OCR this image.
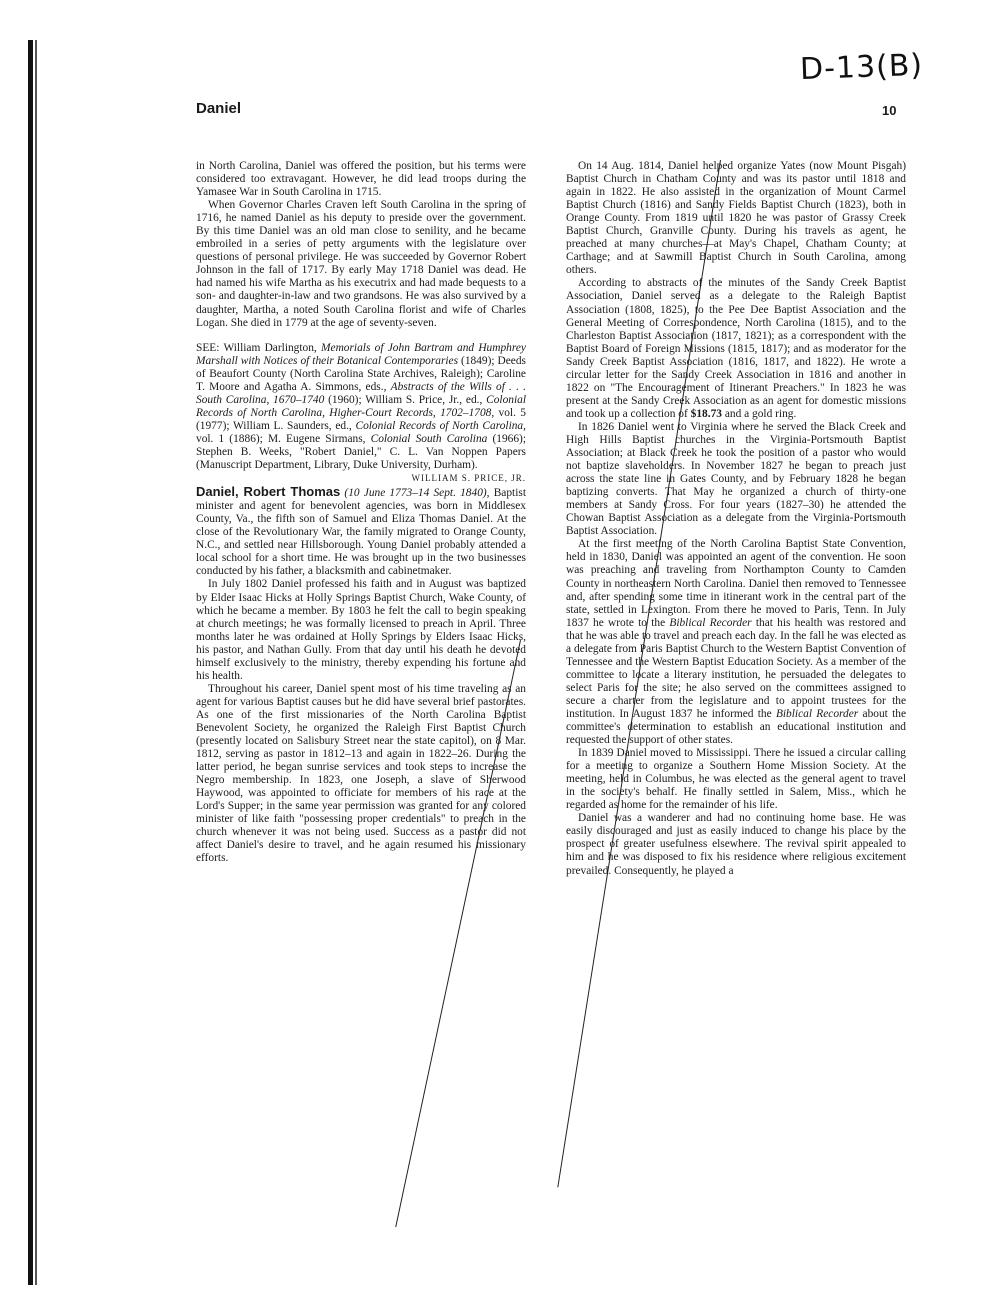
D-13(B)
Daniel	10

in North Carolina, Daniel was offered the position, but his terms were considered too extravagant. However, he did lead troops during the Yamasee War in South Carolina in 1715.

When Governor Charles Craven left South Carolina in the spring of 1716, he named Daniel as his deputy to preside over the government. By this time Daniel was an old man close to senility, and he became embroiled in a series of petty arguments with the legislature over questions of personal privilege. He was succeeded by Governor Robert Johnson in the fall of 1717. By early May 1718 Daniel was dead. He had named his wife Martha as his executrix and had made bequests to a son- and daughter-in-law and two grandsons. He was also survived by a daughter, Martha, a noted South Carolina florist and wife of Charles Logan. She died in 1779 at the age of seventy-seven.

SEE: William Darlington, Memorials of John Bartram and Humphrey Marshall with Notices of their Botanical Contemporaries (1849); Deeds of Beaufort County (North Carolina State Archives, Raleigh); Caroline T. Moore and Agatha A. Simmons, eds., Abstracts of the Wills of . . . South Carolina, 1670–1740 (1960); William S. Price, Jr., ed., Colonial Records of North Carolina, Higher-Court Records, 1702–1708, vol. 5 (1977); William L. Saunders, ed., Colonial Records of North Carolina, vol. 1 (1886); M. Eugene Sirmans, Colonial South Carolina (1966); Stephen B. Weeks, "Robert Daniel," C. L. Van Noppen Papers (Manuscript Department, Library, Duke University, Durham).

WILLIAM S. PRICE, JR.

Daniel, Robert Thomas (10 June 1773–14 Sept. 1840), Baptist minister and agent for benevolent agencies, was born in Middlesex County, Va., the fifth son of Samuel and Eliza Thomas Daniel. At the close of the Revolutionary War, the family migrated to Orange County, N.C., and settled near Hillsborough. Young Daniel probably attended a local school for a short time. He was brought up in the two businesses conducted by his father, a blacksmith and cabinetmaker.

In July 1802 Daniel professed his faith and in August was baptized by Elder Isaac Hicks at Holly Springs Baptist Church, Wake County, of which he became a member. By 1803 he felt the call to begin speaking at church meetings; he was formally licensed to preach in April. Three months later he was ordained at Holly Springs by Elders Isaac Hicks, his pastor, and Nathan Gully. From that day until his death he devoted himself exclusively to the ministry, thereby expending his fortune and his health.

Throughout his career, Daniel spent most of his time traveling as an agent for various Baptist causes but he did have several brief pastorates. As one of the first missionaries of the North Carolina Baptist Benevolent Society, he organized the Raleigh First Baptist Church (presently located on Salisbury Street near the state capitol), on 8 Mar. 1812, serving as pastor in 1812–13 and again in 1822–26. During the latter period, he began sunrise services and took steps to increase the Negro membership. In 1823, one Joseph, a slave of Sherwood Haywood, was appointed to officiate for members of his race at the Lord's Supper; in the same year permission was granted for any colored minister of like faith "possessing proper credentials" to preach in the church whenever it was not being used. Success as a pastor did not affect Daniel's desire to travel, and he again resumed his missionary efforts.

On 14 Aug. 1814, Daniel helped organize Yates (now Mount Pisgah) Baptist Church in Chatham County and was its pastor until 1818 and again in 1822. He also assisted in the organization of Mount Carmel Baptist Church (1816) and Sandy Fields Baptist Church (1823), both in Orange County. From 1819 until 1820 he was pastor of Grassy Creek Baptist Church, Granville County. During his travels as agent, he preached at many churches—at May's Chapel, Chatham County; at Carthage; and at Sawmill Baptist Church in South Carolina, among others.

According to abstracts of the minutes of the Sandy Creek Baptist Association, Daniel served as a delegate to the Raleigh Baptist Association (1808, 1825), to the Pee Dee Baptist Association and the General Meeting of Correspondence, North Carolina (1815), and to the Charleston Baptist Association (1817, 1821); as a correspondent with the Baptist Board of Foreign Missions (1815, 1817); and as moderator for the Sandy Creek Baptist Association (1816, 1817, and 1822). He wrote a circular letter for the Sandy Creek Association in 1816 and another in 1822 on "The Encouragement of Itinerant Preachers." In 1823 he was present at the Sandy Creek Association as an agent for domestic missions and took up a collection of $18.73 and a gold ring.

In 1826 Daniel went to Virginia where he served the Black Creek and High Hills Baptist churches in the Virginia-Portsmouth Baptist Association; at Black Creek he took the position of a pastor who would not baptize slaveholders. In November 1827 he began to preach just across the state line in Gates County, and by February 1828 he began baptizing converts. That May he organized a church of thirty-one members at Sandy Cross. For four years (1827–30) he attended the Chowan Baptist Association as a delegate from the Virginia-Portsmouth Baptist Association.

At the first meeting of the North Carolina Baptist State Convention, held in 1830, Daniel was appointed an agent of the convention. He soon was preaching and traveling from Northampton County to Camden County in northeastern North Carolina. Daniel then removed to Tennessee and, after spending some time in itinerant work in the central part of the state, settled in Lexington. From there he moved to Paris, Tenn. In July 1837 he wrote to the Biblical Recorder that his health was restored and that he was able to travel and preach each day. In the fall he was elected as a delegate from Paris Baptist Church to the Western Baptist Convention of Tennessee and the Western Baptist Education Society. As a member of the committee to locate a literary institution, he persuaded the delegates to select Paris for the site; he also served on the committees assigned to secure a charter from the legislature and to appoint trustees for the institution. In August 1837 he informed the Biblical Recorder about the committee's determination to establish an educational institution and requested the support of other states.

In 1839 Daniel moved to Mississippi. There he issued a circular calling for a meeting to organize a Southern Home Mission Society. At the meeting, held in Columbus, he was elected as the general agent to travel in the society's behalf. He finally settled in Salem, Miss., which he regarded as home for the remainder of his life.

Daniel was a wanderer and had no continuing home base. He was easily discouraged and just as easily induced to change his place by the prospect of greater usefulness elsewhere. The revival spirit appealed to him and he was disposed to fix his residence where religious excitement prevailed. Consequently, he played a
